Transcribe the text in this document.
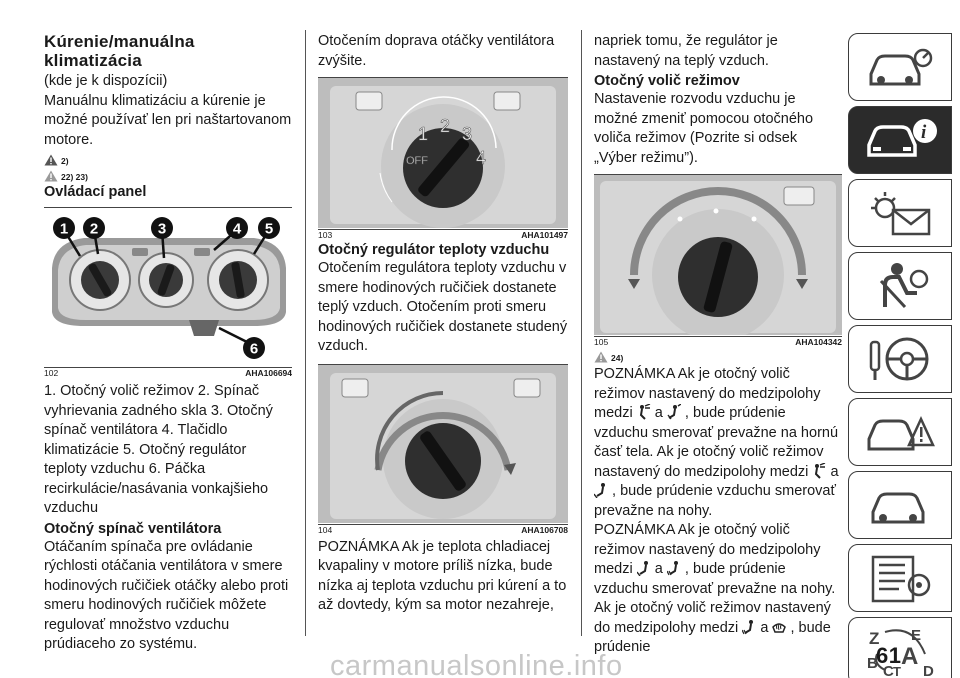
Kúrenie/manuálna klimatizácia

(kde je k dispozícii)

Manuálnu klimatizáciu a kúrenie je možné používať len pri naštartovanom motore.

2)
22) 23)
Ovládací panel
1 2	3	4 5
6
102	AHA106694

1. Otočný volič režimov 2. Spínač vyhrievania zadného skla 3. Otočný spínač ventilátora 4. Tlačidlo klimatizácie 5. Otočný regulátor teploty vzduchu 6. Páčka recirkulácie/nasávania vonkajšieho vzduchu

Otočný spínač ventilátora

Otáčaním spínača pre ovládanie rýchlosti otáčania ventilátora v smere hodinových ručičiek otáčky alebo proti smeru hodinových ručičiek môžete regulovať množstvo vzduchu prúdiaceho zo systému.

Otočením doprava otáčky ventilátora zvýšite.

OFF
1 2 3
4
103	AHA101497
Otočný regulátor teploty vzduchu

Otočením regulátora teploty vzduchu v smere hodinových ručičiek dostanete teplý vzduch. Otočením proti smeru hodinových ručičiek dostanete studený vzduch.

104	AHA106708

POZNÁMKA Ak je teplota chladiacej kvapaliny v motore príliš nízka, bude nízka aj teplota vzduchu pri kúrení a to až dovtedy, kým sa motor nezahreje,

napriek tomu, že regulátor je nastavený na teplý vzduch.

Otočný volič režimov

Nastavenie rozvodu vzduchu je možné zmeniť pomocou otočného voliča režimov (Pozrite si odsek „Výber režimu”).

105	AHA104342
24)

POZNÁMKA Ak je otočný volič režimov nastavený do medzipolohy medzi a , bude prúdenie vzduchu smerovať prevažne na hornú časť tela. Ak je otočný volič režimov nastavený do medzipolohy medzi a  , bude prúdenie vzduchu smerovať prevažne na nohy.

POZNÁMKA Ak je otočný volič režimov nastavený do medzipolohy medzi a , bude prúdenie vzduchu smerovať prevažne na nohy. Ak je otočný volič režimov nastavený do medzipolohy medzi a , bude prúdenie

i
Z E
A
B C T D
61
carmanualsonline.info
